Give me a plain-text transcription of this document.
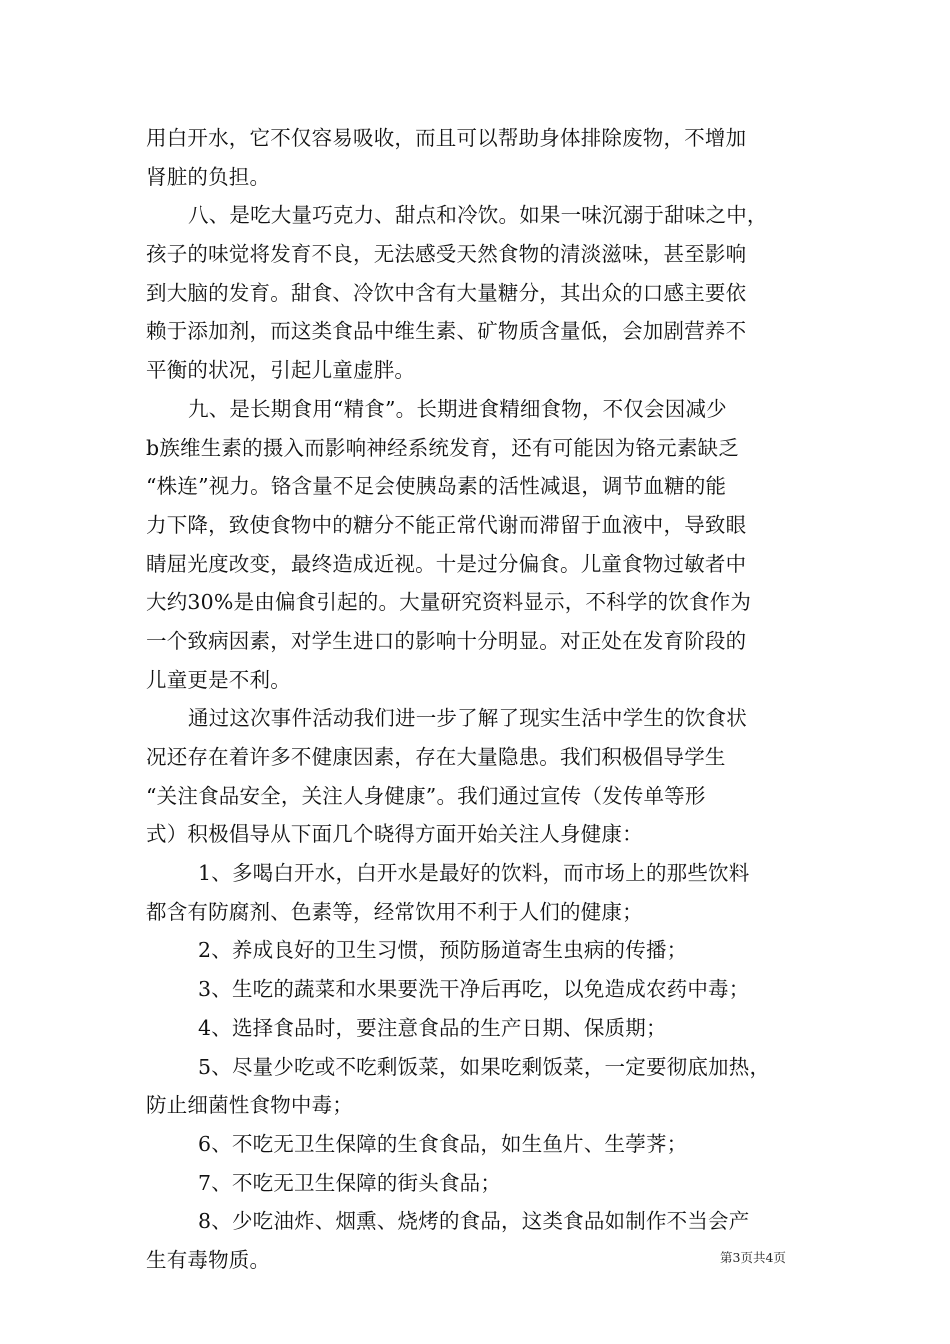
用白开水，它不仅容易吸收，而且可以帮助身体排除废物，不增加
肾脏的负担。
八、是吃大量巧克力、甜点和冷饮。如果一味沉溺于甜味之中，
孩子的味觉将发育不良，无法感受天然食物的清淡滋味，甚至影响
到大脑的发育。甜食、冷饮中含有大量糖分，其出众的口感主要依
赖于添加剂，而这类食品中维生素、矿物质含量低，会加剧营养不
平衡的状况，引起儿童虚胖。
九、是长期食用“精食”。长期进食精细食物，不仅会因减少
b族维生素的摄入而影响神经系统发育，还有可能因为铬元素缺乏
“株连”视力。铬含量不足会使胰岛素的活性减退，调节血糖的能
力下降，致使食物中的糖分不能正常代谢而滞留于血液中，导致眼
睛屈光度改变，最终造成近视。十是过分偏食。儿童食物过敏者中
大约30%是由偏食引起的。大量研究资料显示，不科学的饮食作为
一个致病因素，对学生进口的影响十分明显。对正处在发育阶段的
儿童更是不利。
通过这次事件活动我们进一步了解了现实生活中学生的饮食状
况还存在着许多不健康因素，存在大量隐患。我们积极倡导学生
“关注食品安全，关注人身健康”。我们通过宣传（发传单等形
式）积极倡导从下面几个晓得方面开始关注人身健康：
1、多喝白开水，白开水是最好的饮料，而市场上的那些饮料
都含有防腐剂、色素等，经常饮用不利于人们的健康；
2、养成良好的卫生习惯，预防肠道寄生虫病的传播；
3、生吃的蔬菜和水果要洗干净后再吃，以免造成农药中毒；
4、选择食品时，要注意食品的生产日期、保质期；
5、尽量少吃或不吃剩饭菜，如果吃剩饭菜，一定要彻底加热，
防止细菌性食物中毒；
6、不吃无卫生保障的生食食品，如生鱼片、生荸荠；
7、不吃无卫生保障的街头食品；
8、少吃油炸、烟熏、烧烤的食品，这类食品如制作不当会产
生有毒物质。	第3页共4页
